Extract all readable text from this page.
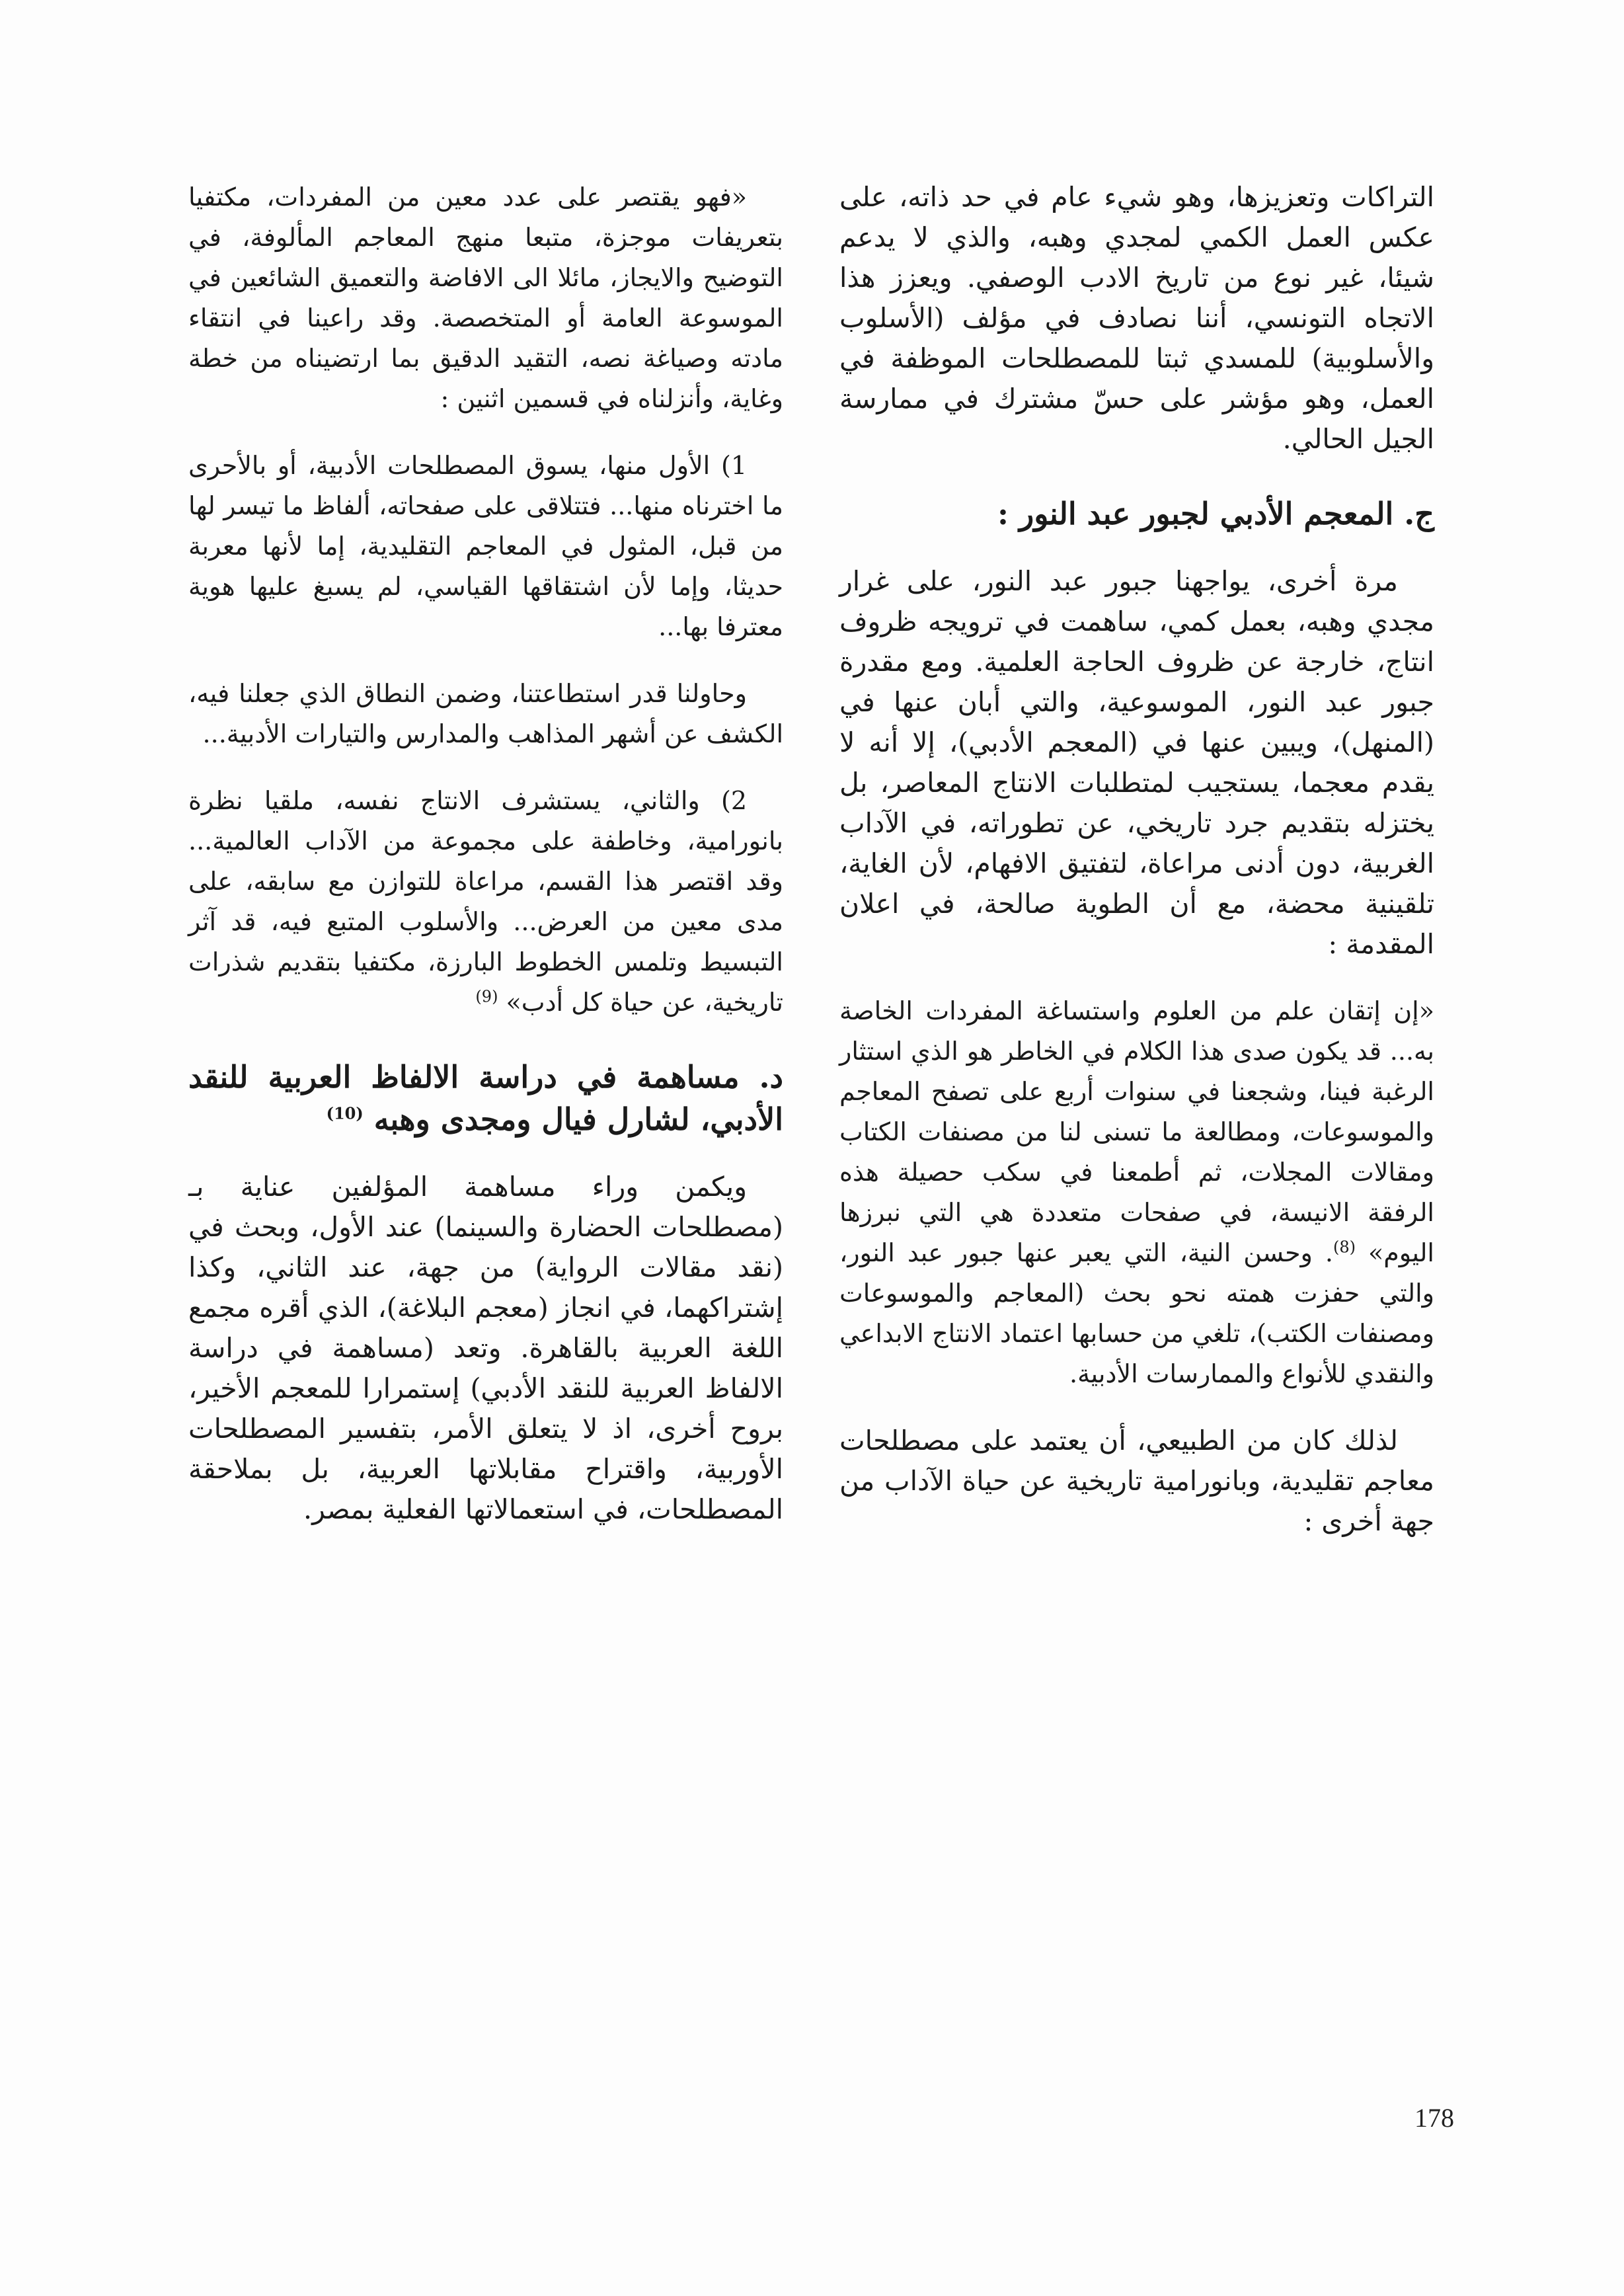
التراكات وتعزيزها، وهو شيء عام في حد ذاته، على عكس العمل الكمي لمجدي وهبه، والذي لا يدعم شيئا، غير نوع من تاريخ الادب الوصفي. ويعزز هذا الاتجاه التونسي، أننا نصادف في مؤلف (الأسلوب والأسلوبية) للمسدي ثبتا للمصطلحات الموظفة في العمل، وهو مؤشر على حسّ مشترك في ممارسة الجيل الحالي.

ج. المعجم الأدبي لجبور عبد النور :

مرة أخرى، يواجهنا جبور عبد النور، على غرار مجدي وهبه، بعمل كمي، ساهمت في ترويجه ظروف انتاج، خارجة عن ظروف الحاجة العلمية. ومع مقدرة جبور عبد النور، الموسوعية، والتي أبان عنها في (المنهل)، ويبين عنها في (المعجم الأدبي)، إلا أنه لا يقدم معجما، يستجيب لمتطلبات الانتاج المعاصر، بل يختزله بتقديم جرد تاريخي، عن تطوراته، في الآداب الغربية، دون أدنى مراعاة، لتفتيق الافهام، لأن الغاية، تلقينية محضة، مع أن الطوية صالحة، في اعلان المقدمة :

«إن إتقان علم من العلوم واستساغة المفردات الخاصة به... قد يكون صدى هذا الكلام في الخاطر هو الذي استثار الرغبة فينا، وشجعنا في سنوات أربع على تصفح المعاجم والموسوعات، ومطالعة ما تسنى لنا من مصنفات الكتاب ومقالات المجلات، ثم أطمعنا في سكب حصيلة هذه الرفقة الانيسة، في صفحات متعددة هي التي نبرزها اليوم» $^{(8)}$. وحسن النية، التي يعبر عنها جبور عبد النور، والتي حفزت همته نحو بحث (المعاجم والموسوعات ومصنفات الكتب)، تلغي من حسابها اعتماد الانتاج الابداعي والنقدي للأنواع والممارسات الأدبية.

لذلك كان من الطبيعي، أن يعتمد على مصطلحات معاجم تقليدية، وبانورامية تاريخية عن حياة الآداب من جهة أخرى :

«فهو يقتصر على عدد معين من المفردات، مكتفيا بتعريفات موجزة، متبعا منهج المعاجم المألوفة، في التوضيح والايجاز، مائلا الى الافاضة والتعميق الشائعين في الموسوعة العامة أو المتخصصة. وقد راعينا في انتقاء مادته وصياغة نصه، التقيد الدقيق بما ارتضيناه من خطة وغاية، وأنزلناه في قسمين اثنين :

1) الأول منها، يسوق المصطلحات الأدبية، أو بالأحرى ما اخترناه منها... فتتلاقى على صفحاته، ألفاظ ما تيسر لها من قبل، المثول في المعاجم التقليدية، إما لأنها معربة حديثا، وإما لأن اشتقاقها القياسي، لم يسبغ عليها هوية معترفا بها...

وحاولنا قدر استطاعتنا، وضمن النطاق الذي جعلنا فيه، الكشف عن أشهر المذاهب والمدارس والتيارات الأدبية...

2) والثاني، يستشرف الانتاج نفسه، ملقيا نظرة بانورامية، وخاطفة على مجموعة من الآداب العالمية... وقد اقتصر هذا القسم، مراعاة للتوازن مع سابقه، على مدى معين من العرض... والأسلوب المتبع فيه، قد آثر التبسيط وتلمس الخطوط البارزة، مكتفيا بتقديم شذرات تاريخية، عن حياة كل أدب» $^{(9)}$

د. مساهمة في دراسة الالفاظ العربية للنقد الأدبي، لشارل فيال ومجدى وهبه $^{(10)}$

ويكمن وراء مساهمة المؤلفين عناية بـ (مصطلحات الحضارة والسينما) عند الأول، وبحث في (نقد مقالات الرواية) من جهة، عند الثاني، وكذا إشتراكهما، في انجاز (معجم البلاغة)، الذي أقره مجمع اللغة العربية بالقاهرة. وتعد (مساهمة في دراسة الالفاظ العربية للنقد الأدبي) إستمرارا للمعجم الأخير، بروح أخرى، اذ لا يتعلق الأمر، بتفسير المصطلحات الأوربية، واقتراح مقابلاتها العربية، بل بملاحقة المصطلحات، في استعمالاتها الفعلية بمصر.

178
